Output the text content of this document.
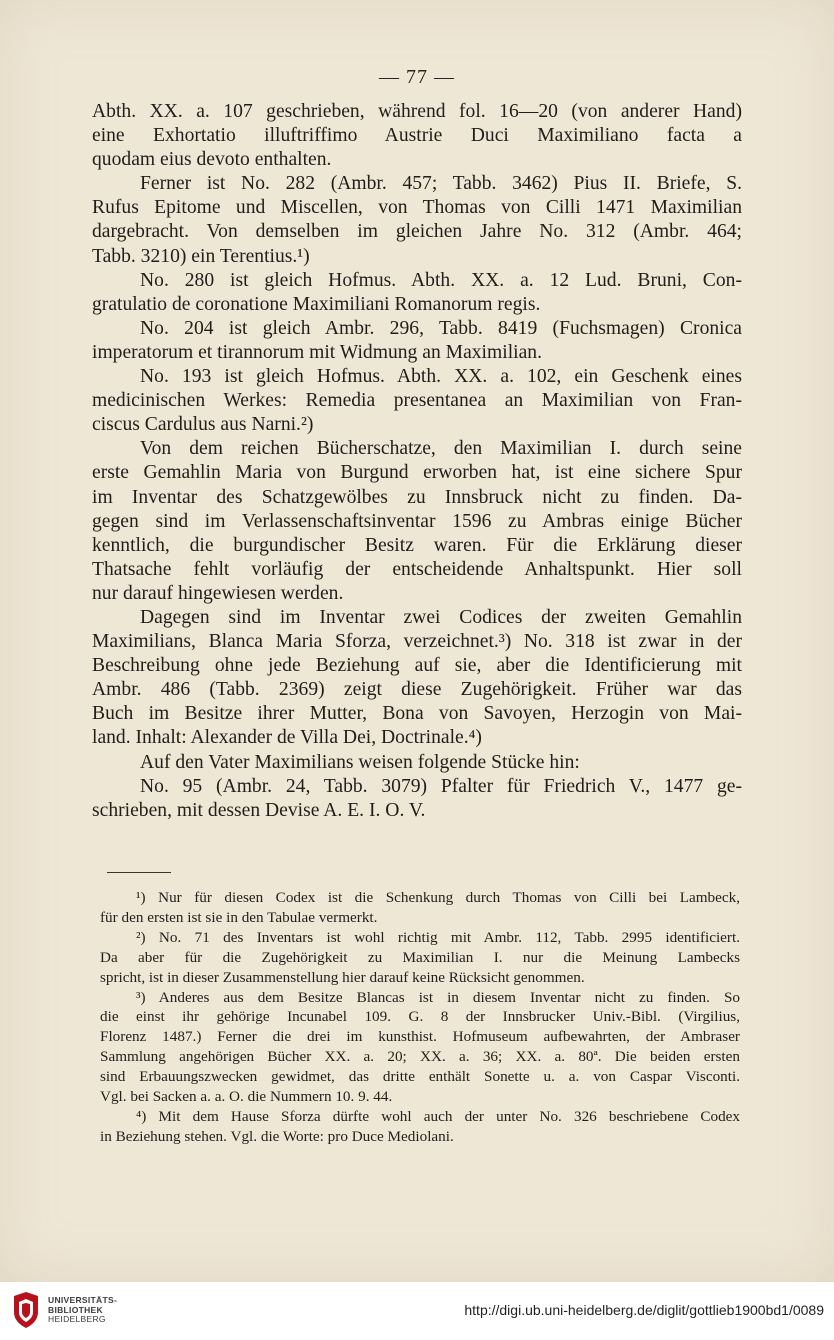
— 77 —
Abth. XX. a. 107 geschrieben, während fol. 16—20 (von anderer Hand)
eine Exhortatio illuftriffimo Austrie Duci Maximiliano facta a
quodam eius devoto enthalten.
Ferner ist No. 282 (Ambr. 457; Tabb. 3462) Pius II. Briefe, S.
Rufus Epitome und Miscellen, von Thomas von Cilli 1471 Maximilian
dargebracht. Von demselben im gleichen Jahre No. 312 (Ambr. 464;
Tabb. 3210) ein Terentius.¹)
No. 280 ist gleich Hofmus. Abth. XX. a. 12 Lud. Bruni, Con-
gratulatio de coronatione Maximiliani Romanorum regis.
No. 204 ist gleich Ambr. 296, Tabb. 8419 (Fuchsmagen) Cronica
imperatorum et tirannorum mit Widmung an Maximilian.
No. 193 ist gleich Hofmus. Abth. XX. a. 102, ein Geschenk eines
medicinischen Werkes: Remedia presentanea an Maximilian von Fran-
ciscus Cardulus aus Narni.²)
Von dem reichen Bücherschatze, den Maximilian I. durch seine
erste Gemahlin Maria von Burgund erworben hat, ist eine sichere Spur
im Inventar des Schatzgewölbes zu Innsbruck nicht zu finden. Da-
gegen sind im Verlassenschaftsinventar 1596 zu Ambras einige Bücher
kenntlich, die burgundischer Besitz waren. Für die Erklärung dieser
Thatsache fehlt vorläufig der entscheidende Anhaltspunkt. Hier soll
nur darauf hingewiesen werden.
Dagegen sind im Inventar zwei Codices der zweiten Gemahlin
Maximilians, Blanca Maria Sforza, verzeichnet.³) No. 318 ist zwar in der
Beschreibung ohne jede Beziehung auf sie, aber die Identificierung mit
Ambr. 486 (Tabb. 2369) zeigt diese Zugehörigkeit. Früher war das
Buch im Besitze ihrer Mutter, Bona von Savoyen, Herzogin von Mai-
land. Inhalt: Alexander de Villa Dei, Doctrinale.⁴)
Auf den Vater Maximilians weisen folgende Stücke hin:
No. 95 (Ambr. 24, Tabb. 3079) Pfalter für Friedrich V., 1477 ge-
schrieben, mit dessen Devise A. E. I. O. V.
¹) Nur für diesen Codex ist die Schenkung durch Thomas von Cilli bei Lambeck,
für den ersten ist sie in den Tabulae vermerkt.
²) No. 71 des Inventars ist wohl richtig mit Ambr. 112, Tabb. 2995 identificiert.
Da aber für die Zugehörigkeit zu Maximilian I. nur die Meinung Lambecks
spricht, ist in dieser Zusammenstellung hier darauf keine Rücksicht genommen.
³) Anderes aus dem Besitze Blancas ist in diesem Inventar nicht zu finden. So
die einst ihr gehörige Incunabel 109. G. 8 der Innsbrucker Univ.-Bibl. (Virgilius,
Florenz 1487.) Ferner die drei im kunsthist. Hofmuseum aufbewahrten, der Ambraser
Sammlung angehörigen Bücher XX. a. 20; XX. a. 36; XX. a. 80ª. Die beiden ersten
sind Erbauungszwecken gewidmet, das dritte enthält Sonette u. a. von Caspar Visconti.
Vgl. bei Sacken a. a. O. die Nummern 10. 9. 44.
⁴) Mit dem Hause Sforza dürfte wohl auch der unter No. 326 beschriebene Codex
in Beziehung stehen. Vgl. die Worte: pro Duce Mediolani.
UNIVERSITÄTS-
BIBLIOTHEK
HEIDELBERG
http://digi.ub.uni-heidelberg.de/diglit/gottlieb1900bd1/0089
